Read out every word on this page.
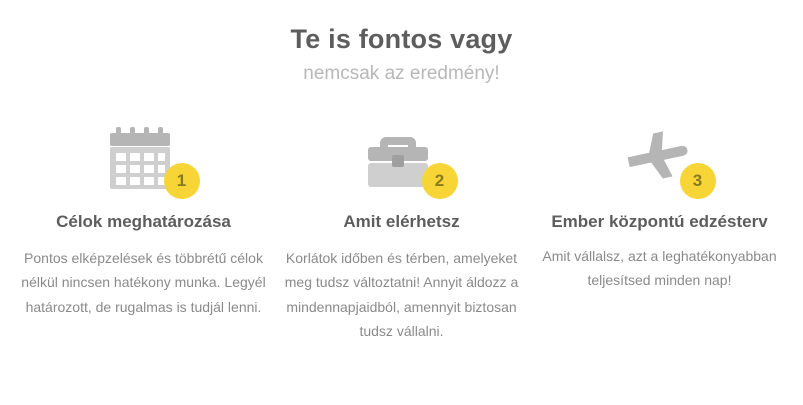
Te is fontos vagy

nemcsak az eredmény!

1
Célok meghatározása

Pontos elképzelések és többrétű célok nélkül nincsen hatékony munka. Legyél határozott, de rugalmas is tudjál lenni.

2
Amit elérhetsz

Korlátok időben és térben, amelyeket meg tudsz változtatni! Annyit áldozz a mindennapjaidból, amennyit biztosan tudsz vállalni.

3
Ember központú edzésterv

Amit vállalsz, azt a leghatékonyabban teljesítsed minden nap!
